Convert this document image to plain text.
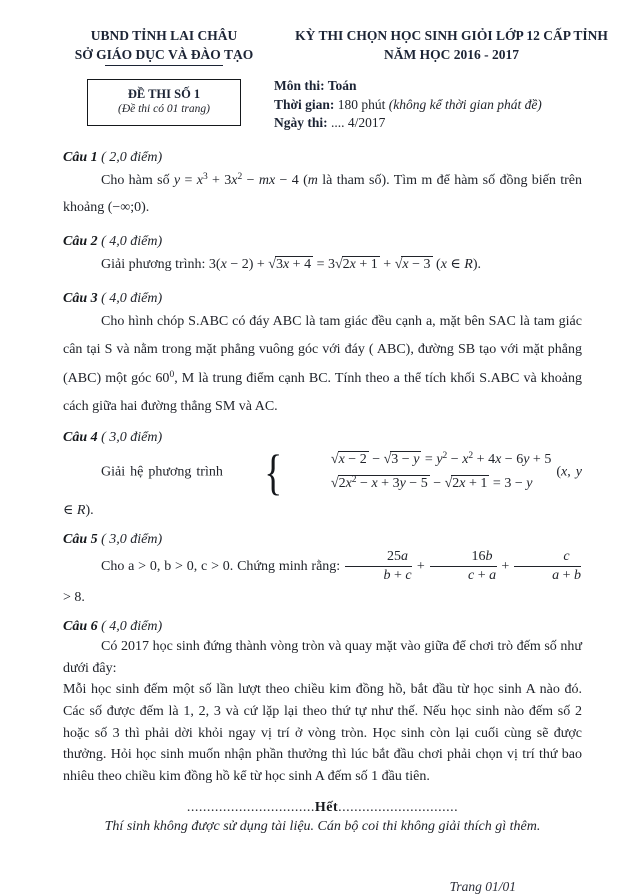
UBND TỈNH LAI CHÂU
SỞ GIÁO DỤC VÀ ĐÀO TẠO
ĐỀ THI SỐ 1
(Đề thi có 01 trang)
KỲ THI CHỌN HỌC SINH GIỎI LỚP 12 CẤP TỈNH
NĂM HỌC 2016 - 2017
Môn thi: Toán
Thời gian: 180 phút (không kể thời gian phát đề)
Ngày thi: .... 4/2017
Câu 1 ( 2,0 điểm)
Cho hàm số $y = x^3 + 3x^2$ − mx − 4 (m là tham số). Tìm m để hàm số đồng biến trên khoảng (−∞;0).
Câu 2 ( 4,0 điểm)
Giải phương trình: 3(x − 2) + √3x + 4 = 3√2x + 1 + √x − 3 (x ∈ R).
Câu 3 ( 4,0 điểm)
Cho hình chóp S.ABC có đáy ABC là tam giác đều cạnh a, mặt bên SAC là tam giác cân tại S và nằm trong mặt phẳng vuông góc với đáy ( ABC), đường SB tạo với mặt phẳng (ABC) một góc $60^0$, M là trung điểm cạnh BC. Tính theo a thể tích khối S.ABC và khoảng cách giữa hai đường thẳng SM và AC.
Câu 4 ( 3,0 điểm)
Giải hệ phương trình {	$√x - 2 - √3 - y = y^2 - x^2 + 4x - 6y + 5$
$√2x^2 - x + 3y - 5 - √2x + 1 = 3 - y$
(x, y ∈ R).
Câu 5 ( 3,0 điểm)
Cho a > 0, b > 0, c > 0. Chứng minh rằng: $\frac{25a}{b + c} + \frac{16b}{c + a} + \frac{c}{a + b}$
> 8.
Câu 6 ( 4,0 điểm)
Có 2017 học sinh đứng thành vòng tròn và quay mặt vào giữa để chơi trò đếm số như dưới đây:
Mỗi học sinh đếm một số lần lượt theo chiều kim đồng hồ, bắt đầu từ học sinh A nào đó. Các số được đếm là 1, 2, 3 và cứ lặp lại theo thứ tự như thế. Nếu học sinh nào đếm số 2 hoặc số 3 thì phải dời khỏi ngay vị trí ở vòng tròn. Học sinh còn lại cuối cùng sẽ được thưởng. Hỏi học sinh muốn nhận phần thưởng thì lúc bắt đầu chơi phải chọn vị trí thứ bao nhiêu theo chiều kim đồng hồ kể từ học sinh A đếm số 1 đầu tiên.
................................Hết..............................
Thí sinh không được sử dụng tài liệu. Cán bộ coi thi không giải thích gì thêm.
Trang 01/01
